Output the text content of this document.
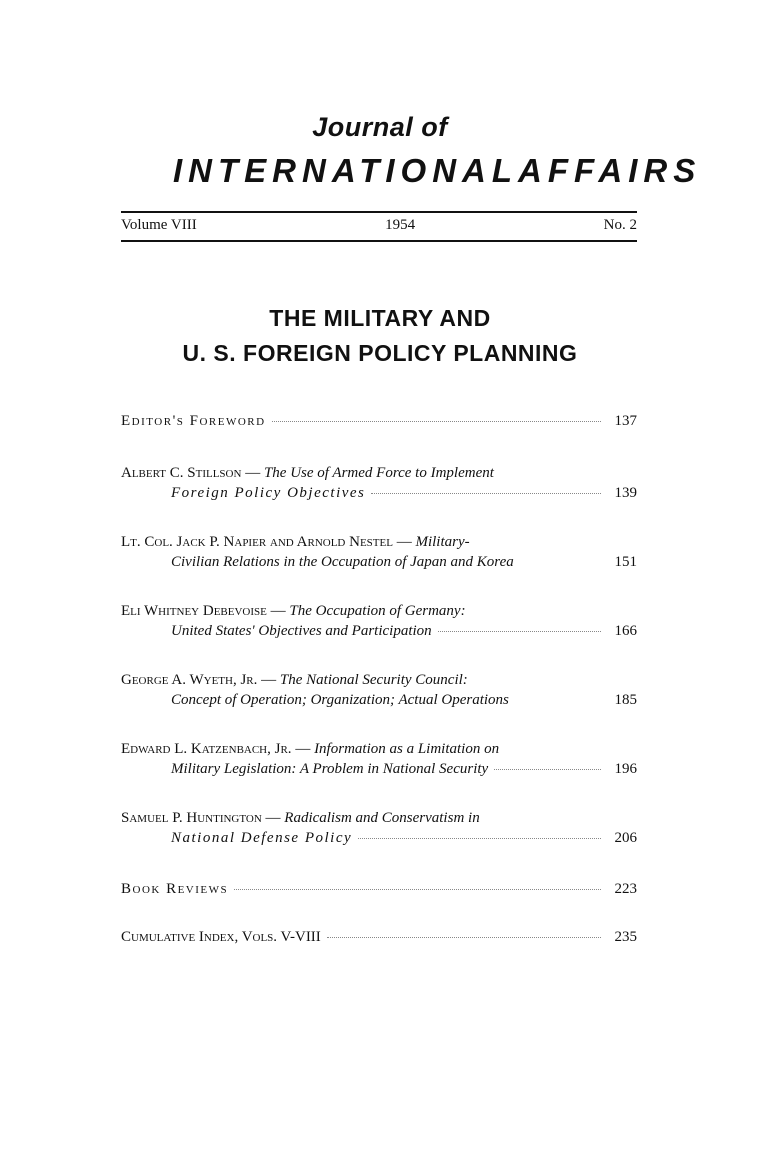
Journal of
INTERNATIONAL AFFAIRS
Volume VIII	1954	No. 2
THE MILITARY AND
U. S. FOREIGN POLICY PLANNING
Editor's Foreword	137
Albert C. Stillson — The Use of Armed Force to Implement
Foreign Policy Objectives	139
Lt. Col. Jack P. Napier and Arnold Nestel — Military-
Civilian Relations in the Occupation of Japan and Korea	151
Eli Whitney Debevoise — The Occupation of Germany:
United States' Objectives and Participation	166
George A. Wyeth, Jr. — The National Security Council:
Concept of Operation; Organization; Actual Operations	185
Edward L. Katzenbach, Jr. — Information as a Limitation on
Military Legislation: A Problem in National Security	196
Samuel P. Huntington — Radicalism and Conservatism in
National Defense Policy	206
Book Reviews	223
Cumulative Index, Vols. V-VIII	235
